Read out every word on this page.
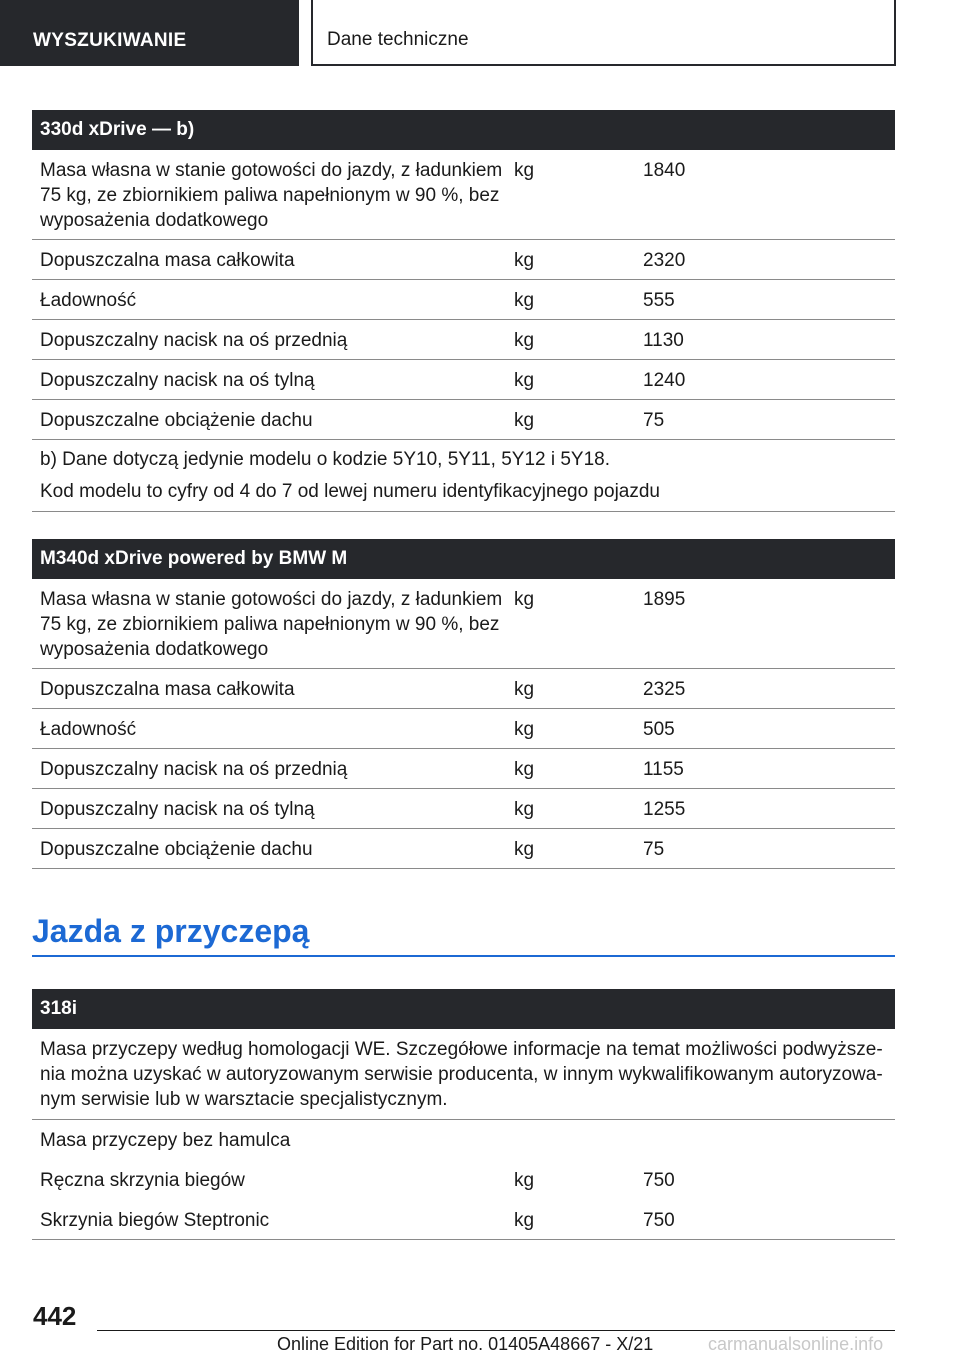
WYSZUKIWANIE	Dane techniczne
330d xDrive — b)
Masa własna w stanie gotowości do jazdy, z ładunkiem 75 kg, ze zbiornikiem paliwa napełnionym w 90 %, bez wyposażenia dodatkowego
kg	1840
Dopuszczalna masa całkowita	kg	2320
Ładowność	kg	555
Dopuszczalny nacisk na oś przednią	kg	1130
Dopuszczalny nacisk na oś tylną	kg	1240
Dopuszczalne obciążenie dachu	kg	75

b) Dane dotyczą jedynie modelu o kodzie 5Y10, 5Y11, 5Y12 i 5Y18.

Kod modelu to cyfry od 4 do 7 od lewej numeru identyfikacyjnego pojazdu

M340d xDrive powered by BMW M
Masa własna w stanie gotowości do jazdy, z ładunkiem 75 kg, ze zbiornikiem paliwa napełnionym w 90 %, bez wyposażenia dodatkowego
kg	1895
Dopuszczalna masa całkowita	kg	2325
Ładowność	kg	505
Dopuszczalny nacisk na oś przednią	kg	1155
Dopuszczalny nacisk na oś tylną	kg	1255
Dopuszczalne obciążenie dachu	kg	75
Jazda z przyczepą
318i
Masa przyczepy według homologacji WE. Szczegółowe informacje na temat możliwości podwyższe-nia można uzyskać w autoryzowanym serwisie producenta, w innym wykwalifikowanym autoryzowa-nym serwisie lub w warsztacie specjalistycznym.
Masa przyczepy bez hamulca
Ręczna skrzynia biegów	kg	750
Skrzynia biegów Steptronic	kg	750
442
Online Edition for Part no. 01405A48667 - X/21	carmanualsonline.info
